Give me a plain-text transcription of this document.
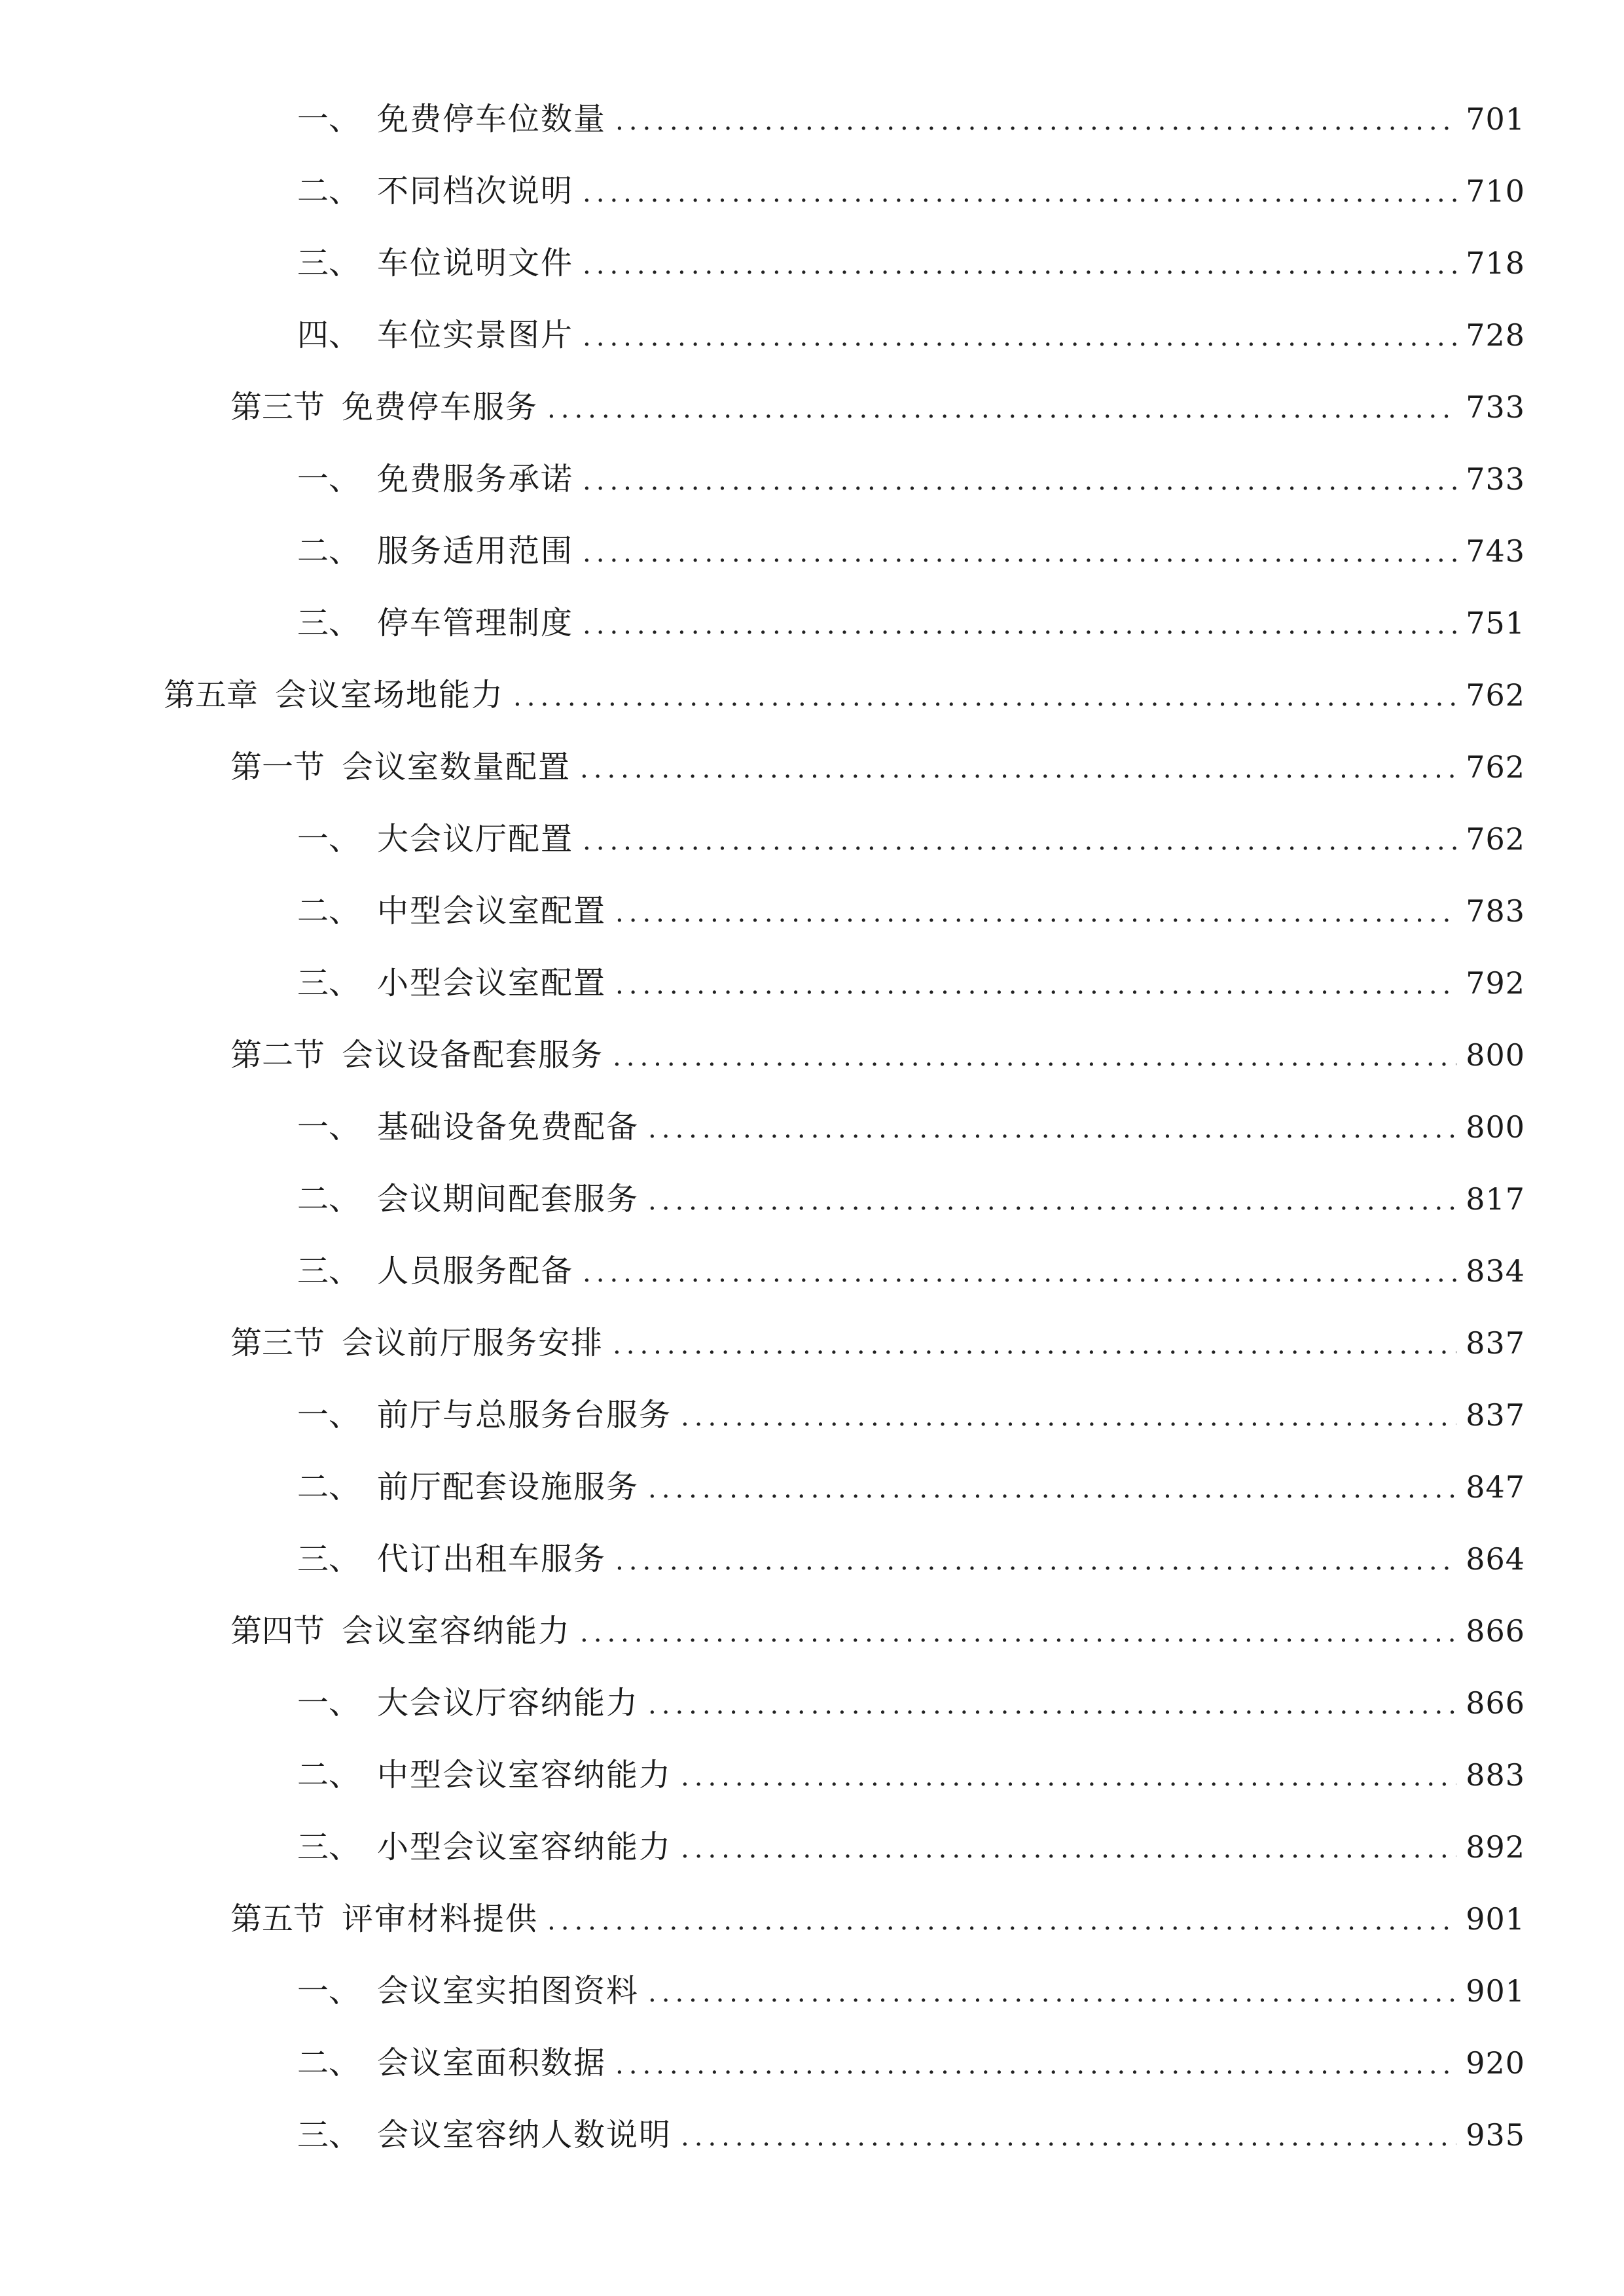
一、 免费停车位数量 .....	701
二、 不同档次说明 .....	710
三、 车位说明文件 .....	718
四、 车位实景图片 .....	728
第三节 免费停车服务 .....	733
一、 免费服务承诺 .....	733
二、 服务适用范围 .....	743
三、 停车管理制度 .....	751
第五章 会议室场地能力 .....	762
第一节 会议室数量配置 .....	762
一、 大会议厅配置 .....	762
二、 中型会议室配置 .....	783
三、 小型会议室配置 .....	792
第二节 会议设备配套服务 .....	800
一、 基础设备免费配备 .....	800
二、 会议期间配套服务 .....	817
三、 人员服务配备 .....	834
第三节 会议前厅服务安排 .....	837
一、 前厅与总服务台服务 .....	837
二、 前厅配套设施服务 .....	847
三、 代订出租车服务 .....	864
第四节 会议室容纳能力 .....	866
一、 大会议厅容纳能力 .....	866
二、 中型会议室容纳能力 .....	883
三、 小型会议室容纳能力 .....	892
第五节 评审材料提供 .....	901
一、 会议室实拍图资料 .....	901
二、 会议室面积数据 .....	920
三、 会议室容纳人数说明 .....	935
